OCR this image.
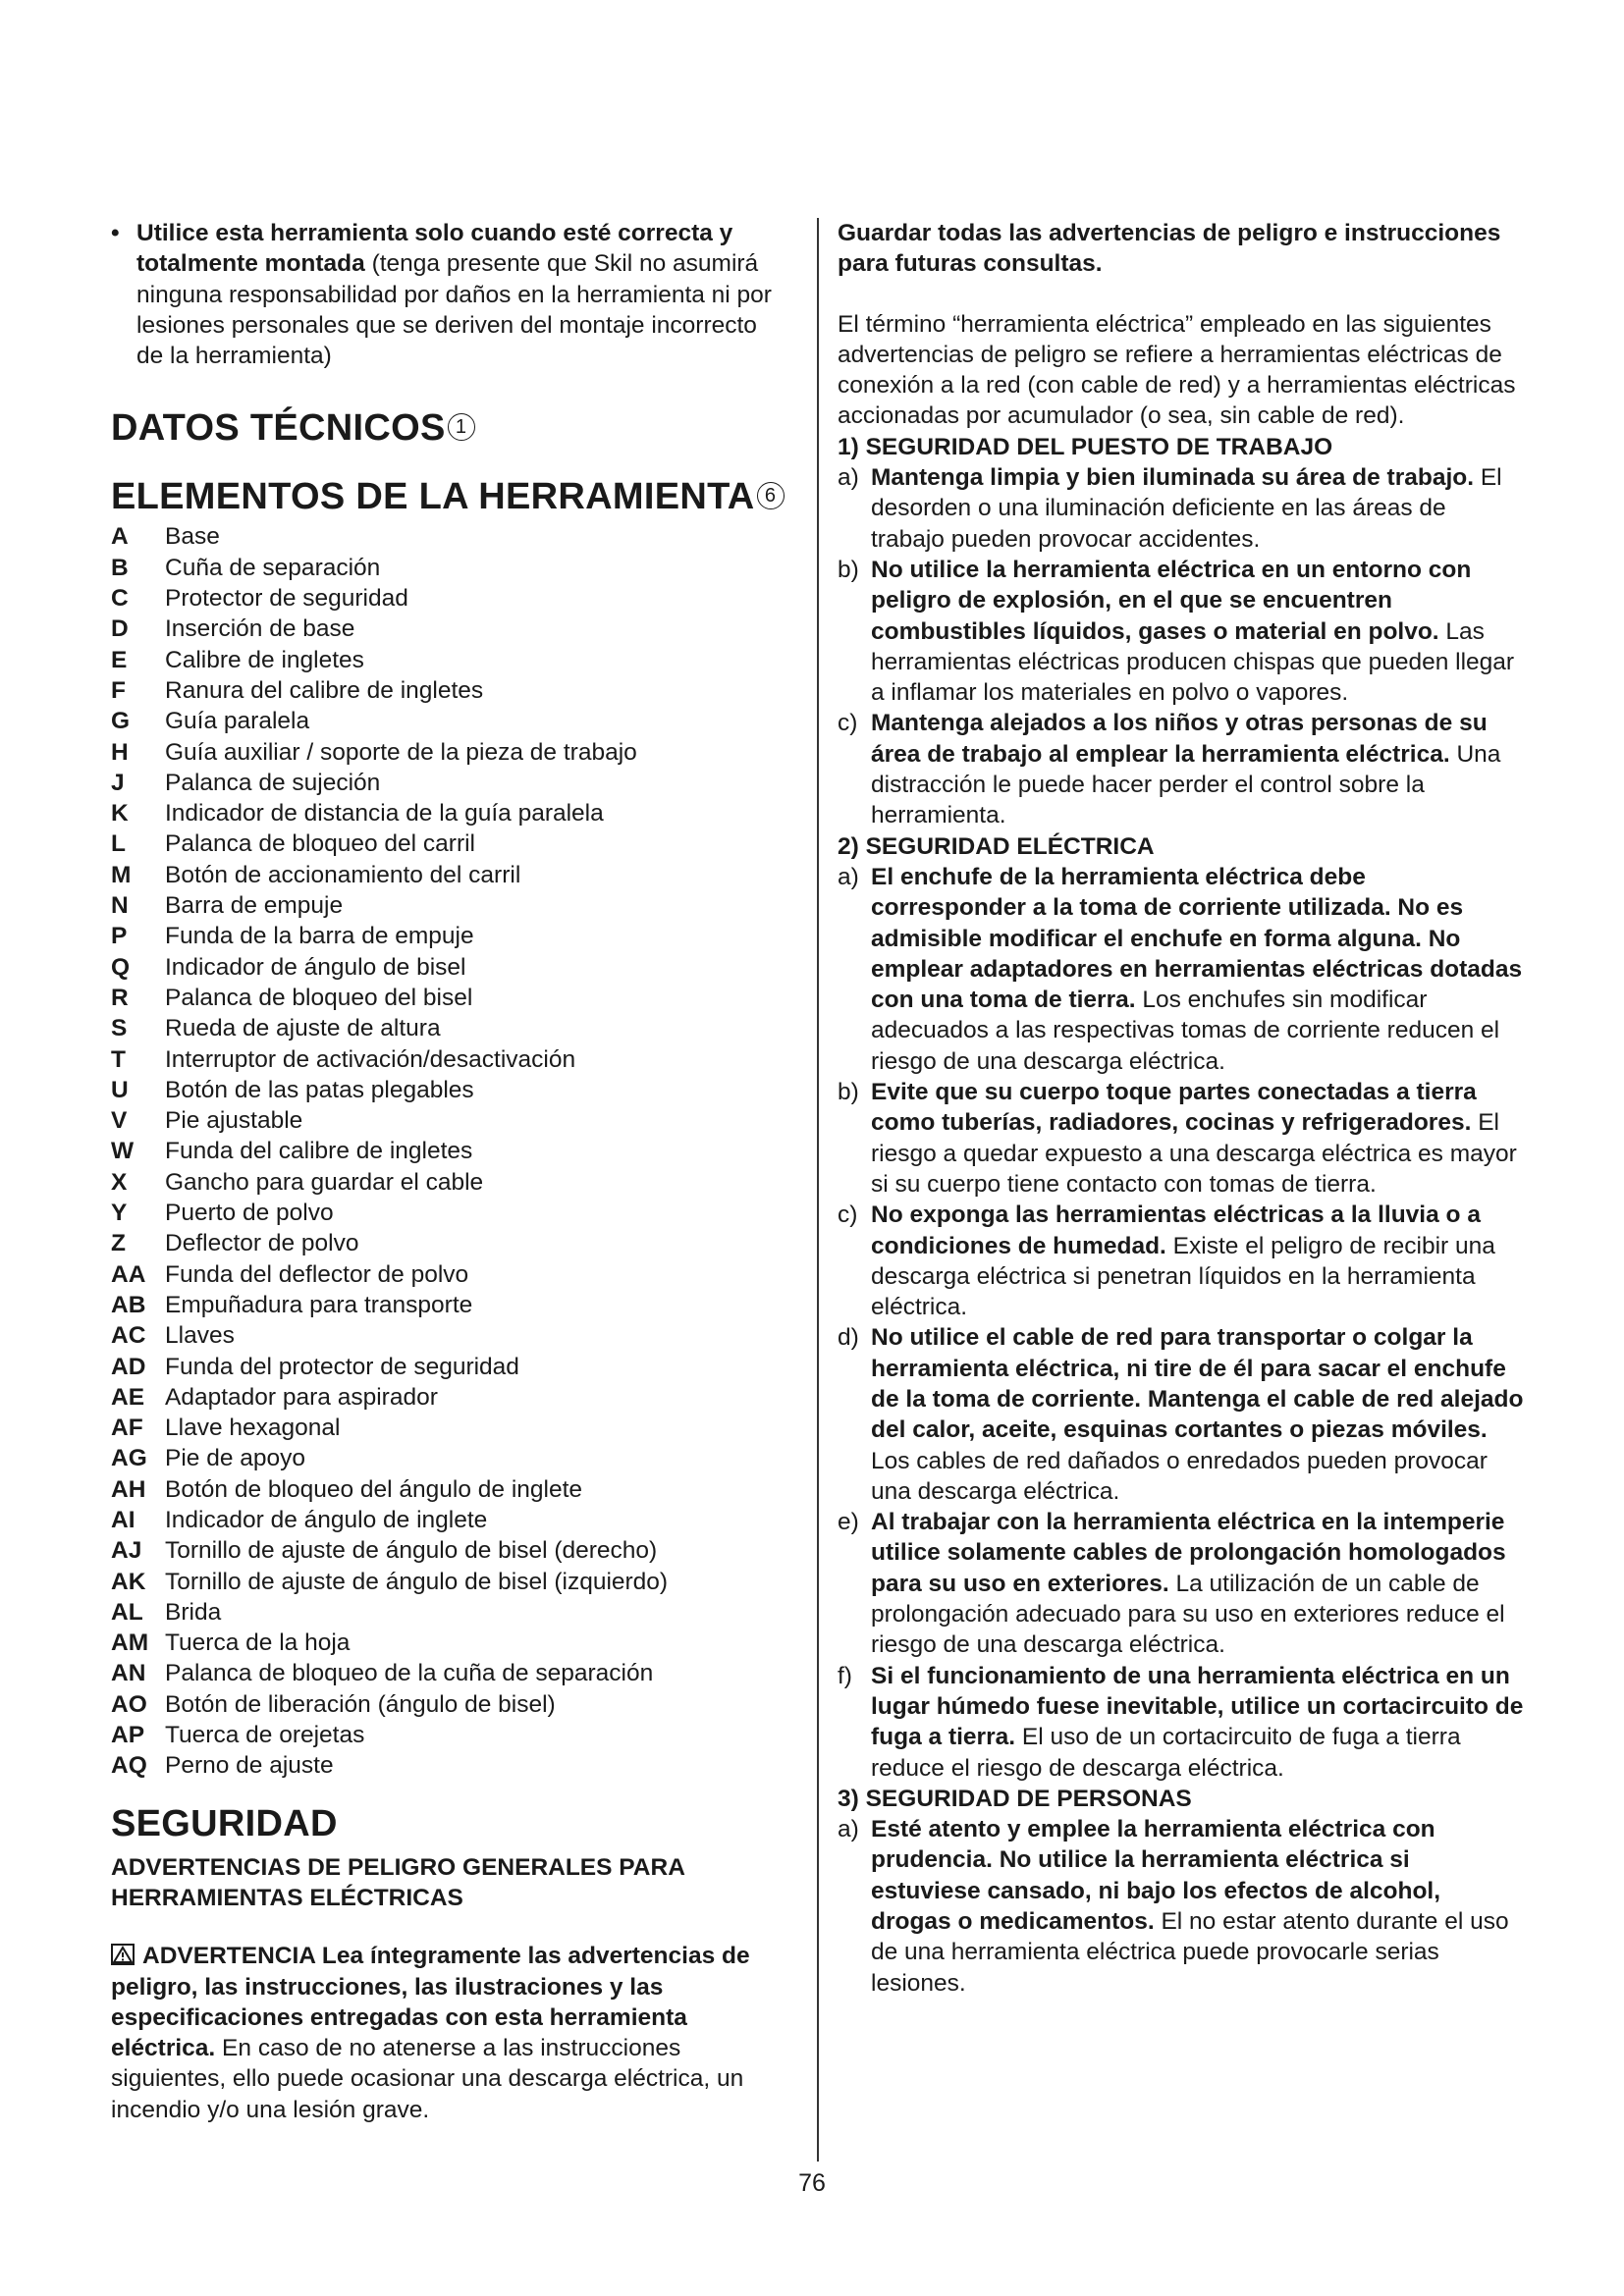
• Utilice esta herramienta solo cuando esté correcta y totalmente montada (tenga presente que Skil no asumirá ninguna responsabilidad por daños en la herramienta ni por lesiones personales que se deriven del montaje incorrecto de la herramienta)
DATOS TÉCNICOS 1
ELEMENTOS DE LA HERRAMIENTA 6
A	Base
B	Cuña de separación
C	Protector de seguridad
D	Inserción de base
E	Calibre de ingletes
F	Ranura del calibre de ingletes
G	Guía paralela
H	Guía auxiliar / soporte de la pieza de trabajo
J	Palanca de sujeción
K	Indicador de distancia de la guía paralela
L	Palanca de bloqueo del carril
M	Botón de accionamiento del carril
N	Barra de empuje
P	Funda de la barra de empuje
Q	Indicador de ángulo de bisel
R	Palanca de bloqueo del bisel
S	Rueda de ajuste de altura
T	Interruptor de activación/desactivación
U	Botón de las patas plegables
V	Pie ajustable
W	Funda del calibre de ingletes
X	Gancho para guardar el cable
Y	Puerto de polvo
Z	Deflector de polvo
AA Funda del deflector de polvo
AB Empuñadura para transporte
AC Llaves
AD Funda del protector de seguridad
AE Adaptador para aspirador
AF Llave hexagonal
AG Pie de apoyo
AH Botón de bloqueo del ángulo de inglete
AI	Indicador de ángulo de inglete
AJ Tornillo de ajuste de ángulo de bisel (derecho)
AK Tornillo de ajuste de ángulo de bisel (izquierdo)
AL Brida
AM Tuerca de la hoja
AN Palanca de bloqueo de la cuña de separación
AO Botón de liberación (ángulo de bisel)
AP Tuerca de orejetas
AQ Perno de ajuste
SEGURIDAD
ADVERTENCIAS DE PELIGRO GENERALES PARA HERRAMIENTAS ELÉCTRICAS
ADVERTENCIA Lea íntegramente las advertencias de peligro, las instrucciones, las ilustraciones y las especificaciones entregadas con esta herramienta eléctrica. En caso de no atenerse a las instrucciones siguientes, ello puede ocasionar una descarga eléctrica, un incendio y/o una lesión grave.
Guardar todas las advertencias de peligro e instrucciones para futuras consultas.
El término “herramienta eléctrica” empleado en las siguientes advertencias de peligro se refiere a herramientas eléctricas de conexión a la red (con cable de red) y a herramientas eléctricas accionadas por acumulador (o sea, sin cable de red).
1) SEGURIDAD DEL PUESTO DE TRABAJO
a) Mantenga limpia y bien iluminada su área de trabajo. El desorden o una iluminación deficiente en las áreas de trabajo pueden provocar accidentes.
b) No utilice la herramienta eléctrica en un entorno con peligro de explosión, en el que se encuentren combustibles líquidos, gases o material en polvo. Las herramientas eléctricas producen chispas que pueden llegar a inflamar los materiales en polvo o vapores.
c) Mantenga alejados a los niños y otras personas de su área de trabajo al emplear la herramienta eléctrica. Una distracción le puede hacer perder el control sobre la herramienta.
2) SEGURIDAD ELÉCTRICA
a) El enchufe de la herramienta eléctrica debe corresponder a la toma de corriente utilizada. No es admisible modificar el enchufe en forma alguna. No emplear adaptadores en herramientas eléctricas dotadas con una toma de tierra. Los enchufes sin modificar adecuados a las respectivas tomas de corriente reducen el riesgo de una descarga eléctrica.
b) Evite que su cuerpo toque partes conectadas a tierra como tuberías, radiadores, cocinas y refrigeradores. El riesgo a quedar expuesto a una descarga eléctrica es mayor si su cuerpo tiene contacto con tomas de tierra.
c) No exponga las herramientas eléctricas a la lluvia o a condiciones de humedad. Existe el peligro de recibir una descarga eléctrica si penetran líquidos en la herramienta eléctrica.
d) No utilice el cable de red para transportar o colgar la herramienta eléctrica, ni tire de él para sacar el enchufe de la toma de corriente. Mantenga el cable de red alejado del calor, aceite, esquinas cortantes o piezas móviles. Los cables de red dañados o enredados pueden provocar una descarga eléctrica.
e) Al trabajar con la herramienta eléctrica en la intemperie utilice solamente cables de prolongación homologados para su uso en exteriores. La utilización de un cable de prolongación adecuado para su uso en exteriores reduce el riesgo de una descarga eléctrica.
f) Si el funcionamiento de una herramienta eléctrica en un lugar húmedo fuese inevitable, utilice un cortacircuito de fuga a tierra. El uso de un cortacircuito de fuga a tierra reduce el riesgo de descarga eléctrica.
3) SEGURIDAD DE PERSONAS
a) Esté atento y emplee la herramienta eléctrica con prudencia. No utilice la herramienta eléctrica si estuviese cansado, ni bajo los efectos de alcohol, drogas o medicamentos. El no estar atento durante el uso de una herramienta eléctrica puede provocarle serias lesiones.
76
